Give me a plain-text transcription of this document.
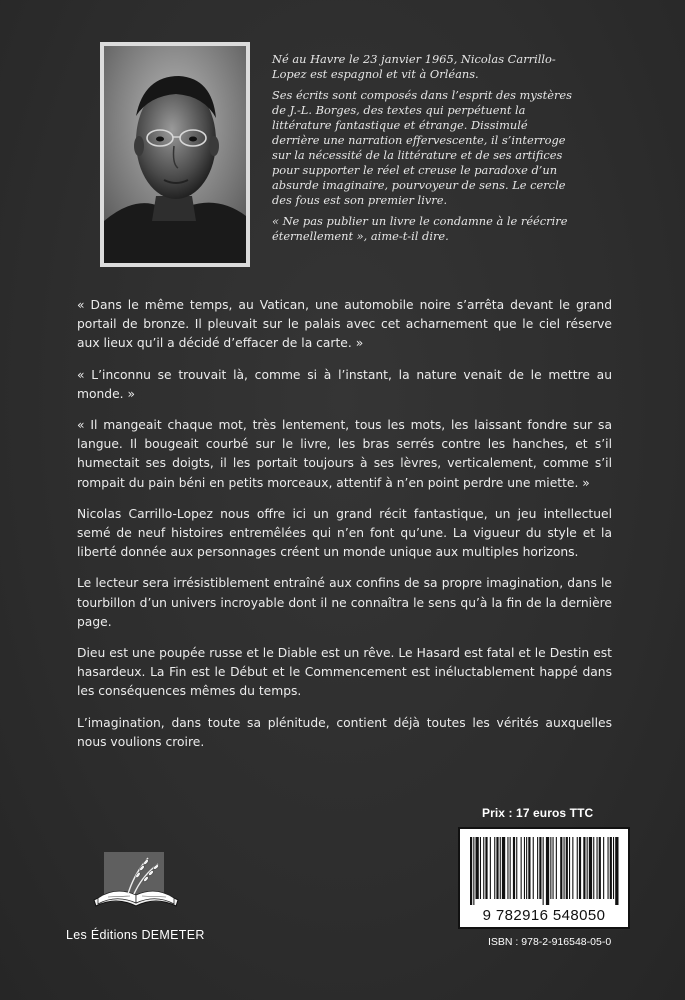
Né au Havre le 23 janvier 1965, Nicolas Carrillo-Lopez est espagnol et vit à Orléans.

Ses écrits sont composés dans l’esprit des mystères de J.-L. Borges, des textes qui perpétuent la littérature fantastique et étrange. Dissimulé derrière une narration effervescente, il s’interroge sur la nécessité de la littérature et de ses artifices pour supporter le réel et creuse le paradoxe d’un absurde imaginaire, pourvoyeur de sens. Le cercle des fous est son premier livre.

« Ne pas publier un livre le condamne à le réécrire éternellement », aime-t-il dire.

« Dans le même temps, au Vatican, une automobile noire s’arrêta devant le grand portail de bronze. Il pleuvait sur le palais avec cet acharnement que le ciel réserve aux lieux qu’il a décidé d’effacer de la carte. »

« L’inconnu se trouvait là, comme si à l’instant, la nature venait de le mettre au monde. »

« Il mangeait chaque mot, très lentement, tous les mots, les laissant fondre sur sa langue. Il bougeait courbé sur le livre, les bras serrés contre les hanches, et s’il humectait ses doigts, il les portait toujours à ses lèvres, verticalement, comme s’il rompait du pain béni en petits morceaux, attentif à n’en point perdre une miette. »

Nicolas Carrillo-Lopez nous offre ici un grand récit fantastique, un jeu intellectuel semé de neuf histoires entremêlées qui n’en font qu’une. La vigueur du style et la liberté donnée aux personnages créent un monde unique aux multiples horizons.

Le lecteur sera irrésistiblement entraîné aux confins de sa propre imagination, dans le tourbillon d’un univers incroyable dont il ne connaîtra le sens qu’à la fin de la dernière page.

Dieu est une poupée russe et le Diable est un rêve. Le Hasard est fatal et le Destin est hasardeux. La Fin est le Début et le Commencement est inéluctablement happé dans les conséquences mêmes du temps.

L’imagination, dans toute sa plénitude, contient déjà toutes les vérités auxquelles nous voulions croire.

Les Éditions DEMETER
Prix : 17 euros TTC
9 782916 548050
ISBN : 978-2-916548-05-0
